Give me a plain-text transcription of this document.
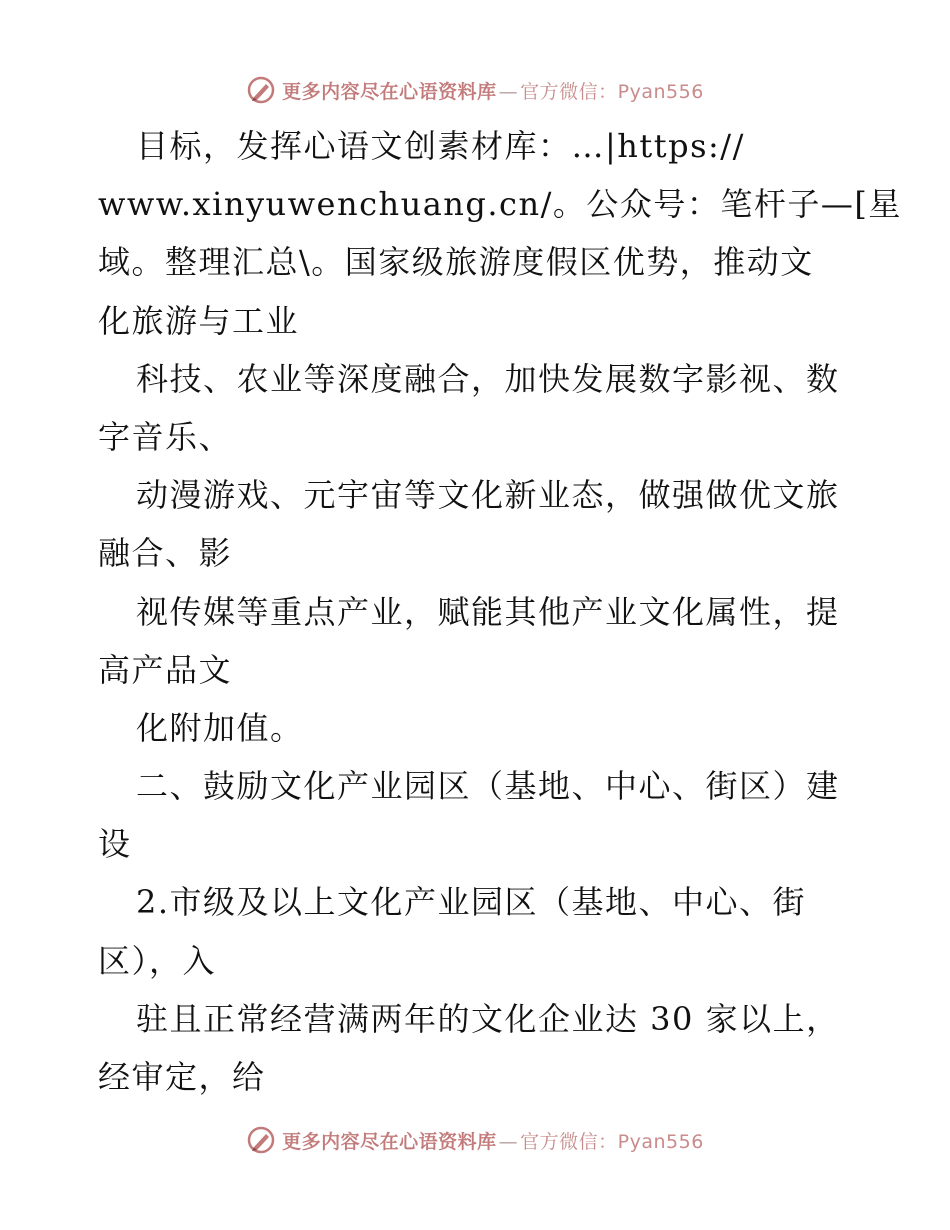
更多内容尽在心语资料库 — 官方微信：Pyan556
目标，发挥心语文创素材库：…|https://
www.xinyuwenchuang.cn/。公众号：笔杆子—[星
域。整理汇总\。国家级旅游度假区优势，推动文
化旅游与工业
科技、农业等深度融合，加快发展数字影视、数
字音乐、
动漫游戏、元宇宙等文化新业态，做强做优文旅
融合、影
视传媒等重点产业，赋能其他产业文化属性，提
高产品文
化附加值。
二、鼓励文化产业园区（基地、中心、街区）建
设
2.市级及以上文化产业园区（基地、中心、街
区），入
驻且正常经营满两年的文化企业达 30 家以上，
经审定，给
更多内容尽在心语资料库 — 官方微信：Pyan556
